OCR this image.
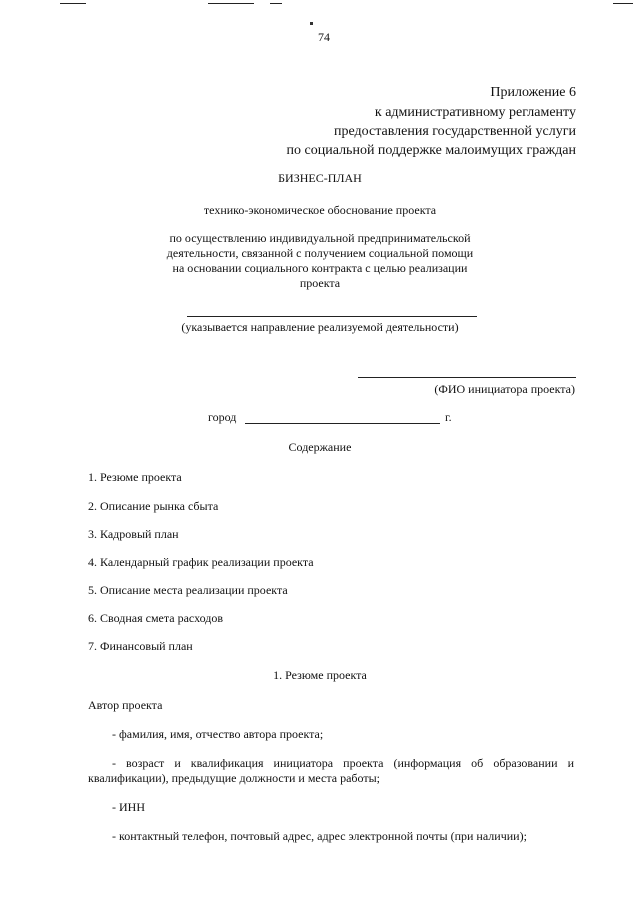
74
Приложение 6
к административному регламенту
предоставления государственной услуги
по социальной поддержке малоимущих граждан
БИЗНЕС-ПЛАН
технико-экономическое обоснование проекта
по осуществлению индивидуальной предпринимательской
деятельности, связанной с получением социальной помощи
на основании социального контракта с целью реализации
проекта
(указывается направление реализуемой деятельности)
(ФИО инициатора проекта)
город	г.
Содержание
1. Резюме проекта
2. Описание рынка сбыта
3. Кадровый план
4. Календарный график реализации проекта
5. Описание места реализации проекта
6. Сводная смета расходов
7. Финансовый план
1. Резюме проекта
Автор проекта
- фамилия, имя, отчество автора проекта;
- возраст и квалификация инициатора проекта (информация об образовании и
квалификации), предыдущие должности и места работы;
- ИНН
- контактный телефон, почтовый адрес, адрес электронной почты (при наличии);
